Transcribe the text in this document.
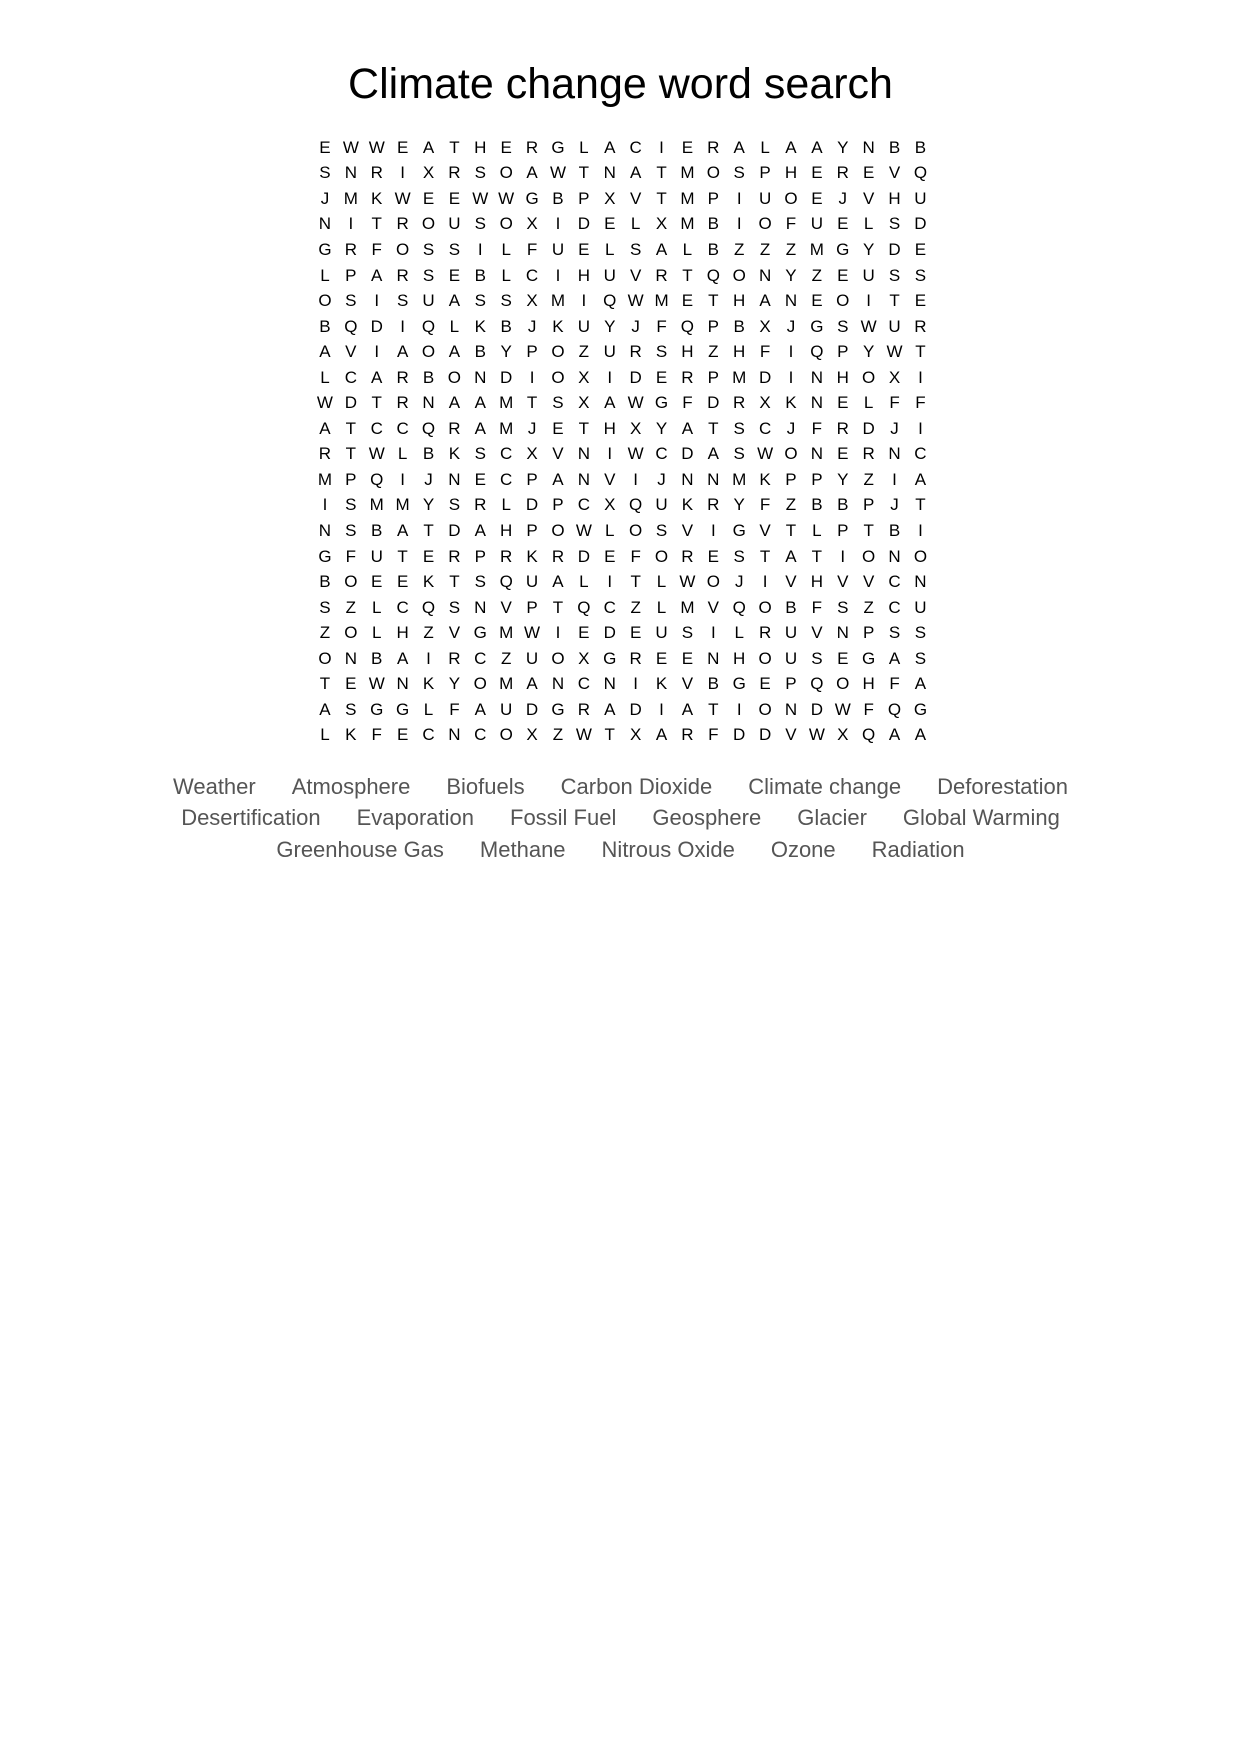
Climate change word search
E W W E A T H E R G L A C	I	E R A L A A Y N B B
S N R	I	X R S O A W T N A T M O S P H E R E V Q
J M K W E E W W G B P X V T M P	I	U O E J V H U
N	I	T R O U S O X	I	D E L X M B	I O F U E L S D
G R F O S S	I	L F U E L S A L B Z Z Z M G Y D E
L P A R S E B L C	I	H U V R T Q O N Y Z E U S S
O S	I	S U A S S X M I Q W M E T H A N E O I	T E
B Q D	I Q L K B J K U Y J F Q P B X J G S W U R
A V	I	A O A B Y P O Z U R S H Z H F	I Q P Y W T
L C A R B O N D	I O X	I	D E R P M D	I	N H O X	I
W D T R N A A M T S X A W G F D R X K N E L F F
A T C C Q R A M J E T H X Y A T S C J F R D J	I
R T W L B K S C X V N	I W C D A S W O N E R N C
M P Q I	J N E C P A N V	I	J N N M K P P Y Z	I	A
I	S M M Y S R L D P C X Q U K R Y F Z B B P J T
N S B A T D A H P O W L O S V	I G V T L P T B	I
G F U T E R P R K R D E F O R E S T A T	I O N O
B O E E K T S Q U A L	I	T L W O J	I	V H V V C N
S Z L C Q S N V P T Q C Z L M V Q O B F S Z C U
Z O L H Z V G M W I	E D E U S	I	L R U V N P S S
O N B A	I	R C Z U O X G R E E N H O U S E G A S
T E W N K Y O M A N C N	I	K V B G E P Q O H F A
A S G G L F A U D G R A D	I	A T	I O N D W F Q G
L K F E C N C O X Z W T X A R F D D V W X Q A A
Weather Atmosphere Biofuels Carbon Dioxide Climate change Deforestation
Desertification Evaporation Fossil Fuel Geosphere Glacier Global Warming
Greenhouse Gas Methane Nitrous Oxide Ozone Radiation
